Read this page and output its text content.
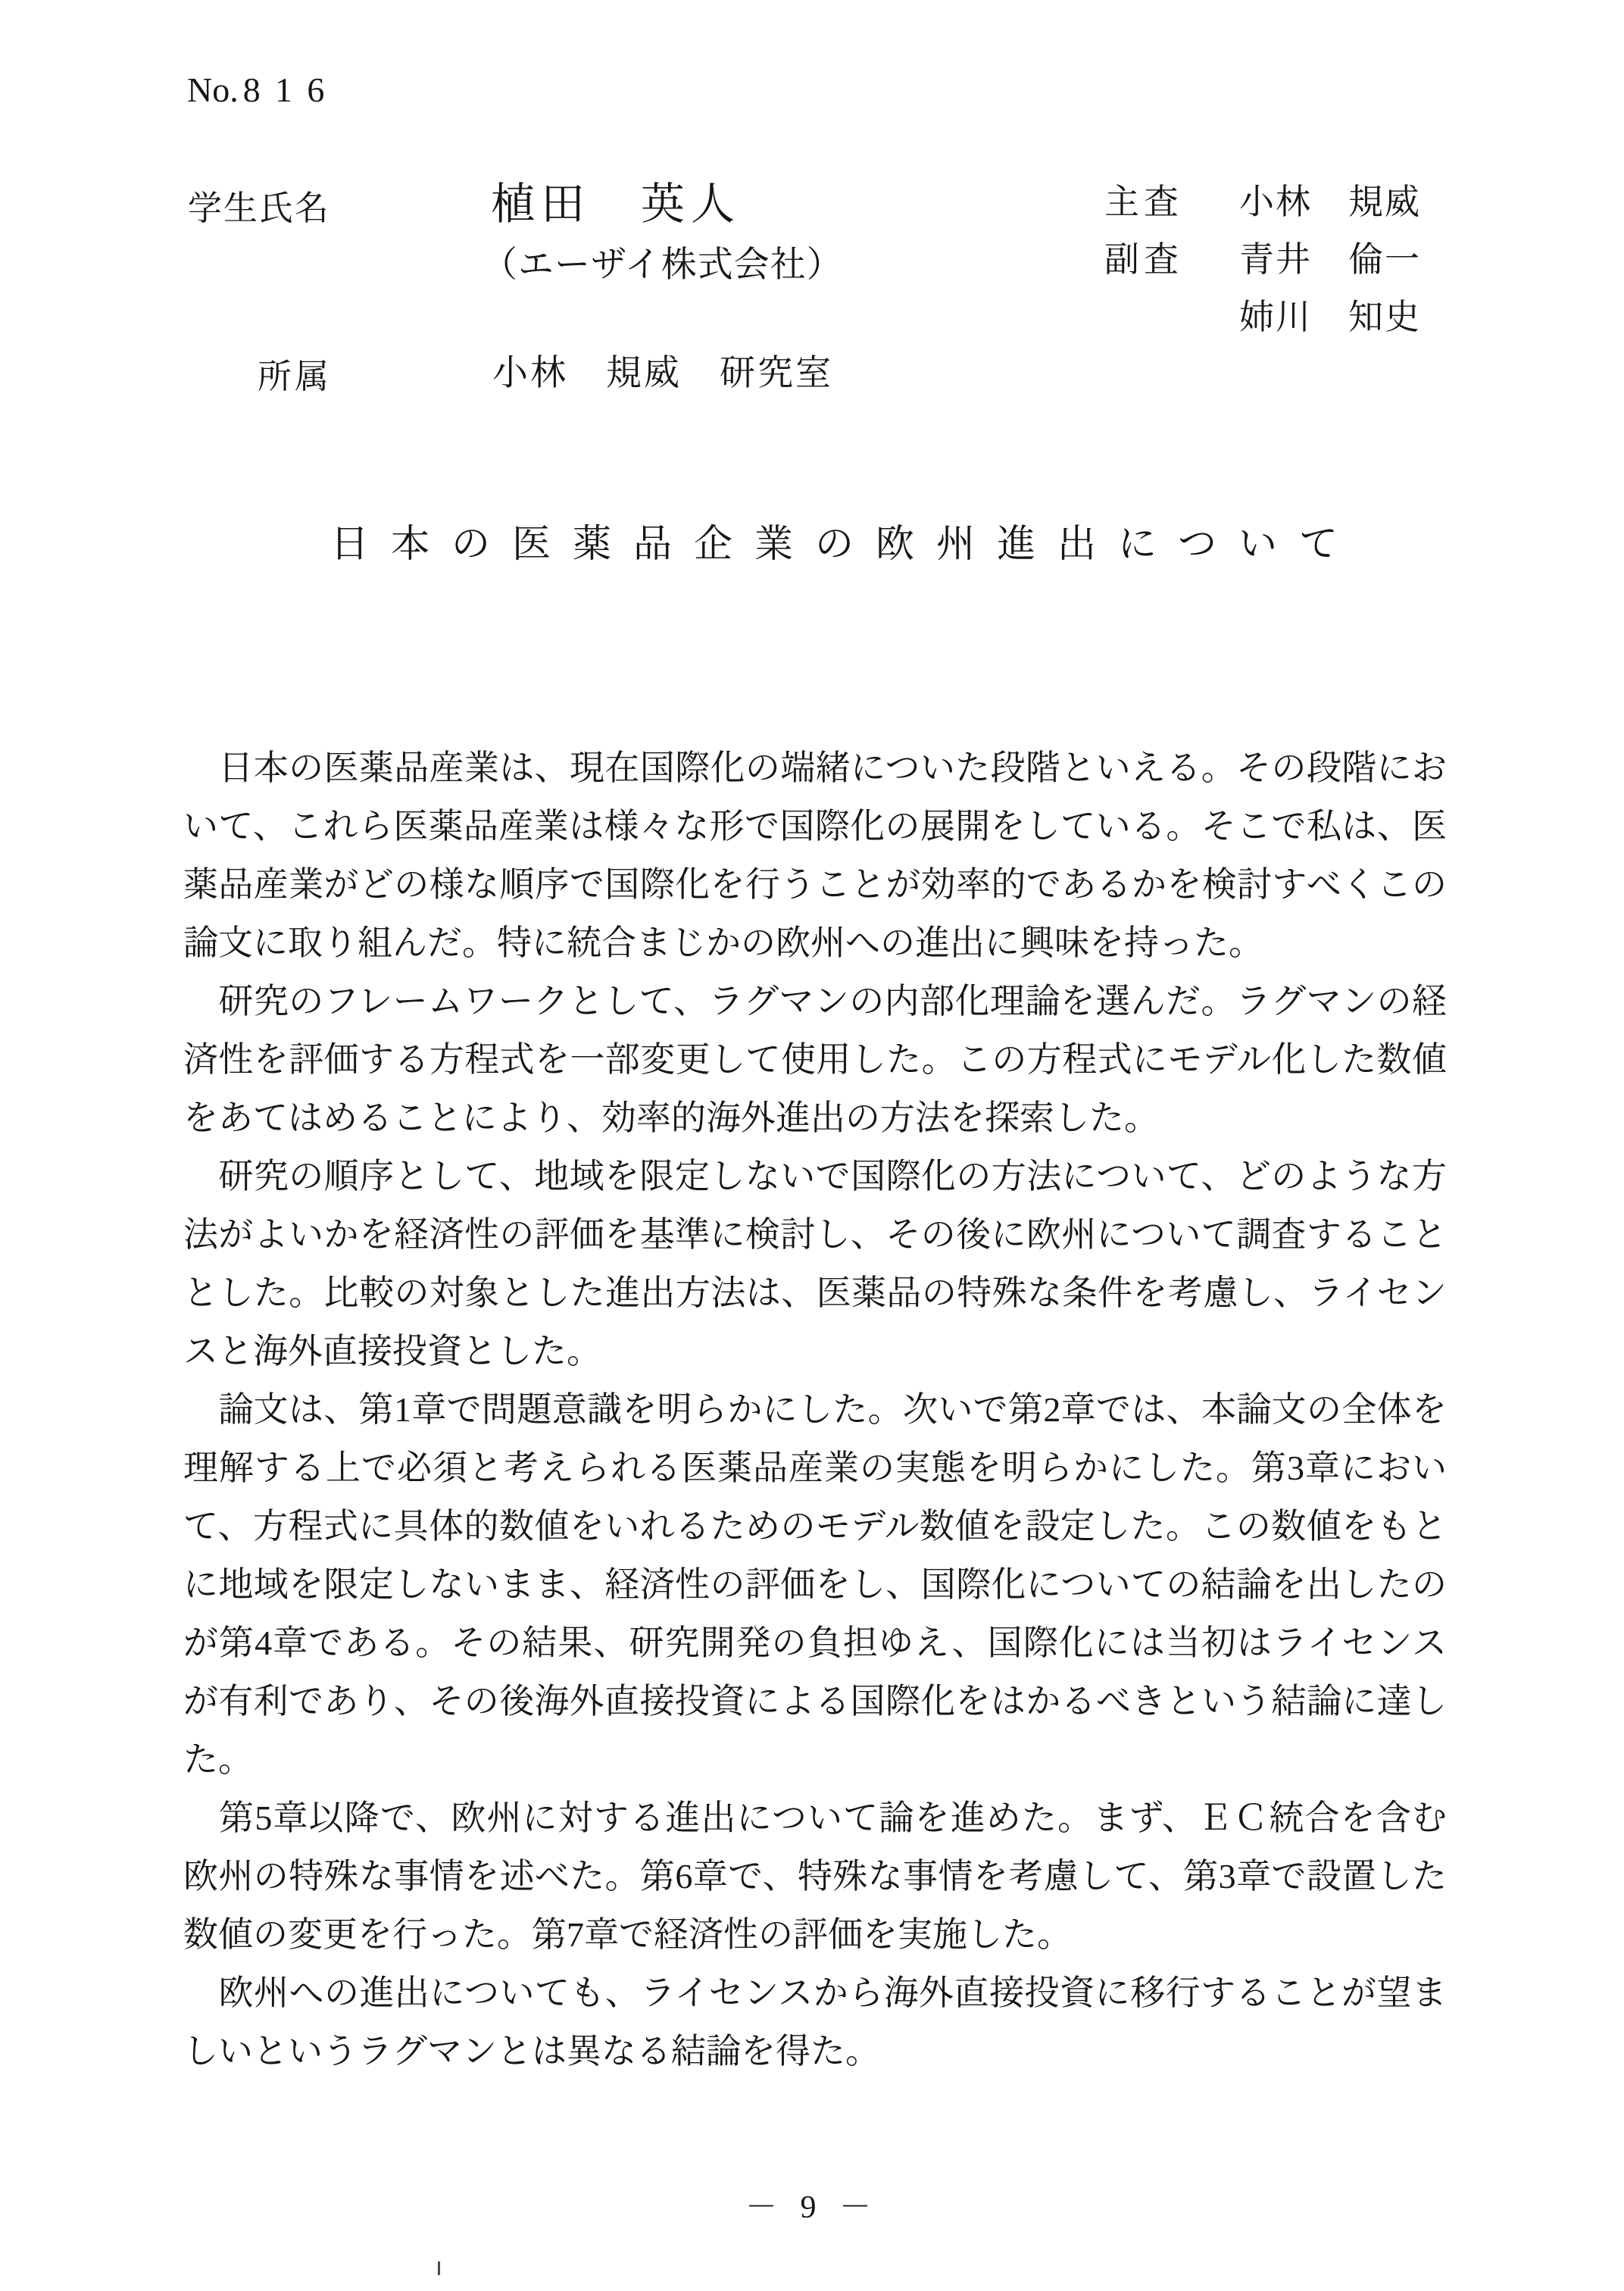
No. 816
学生氏名	植田　英人
（エーザイ株式会社）
主査	小林　規威
副査	青井　倫一
姉川　知史
所属	小林　規威　研究室
日本の医薬品企業の欧州進出について

　日本の医薬品産業は、現在国際化の端緒についた段階といえる。その段階において、これら医薬品産業は様々な形で国際化の展開をしている。そこで私は、医薬品産業がどの様な順序で国際化を行うことが効率的であるかを検討すべくこの論文に取り組んだ。特に統合まじかの欧州への進出に興味を持った。

　研究のフレームワークとして、ラグマンの内部化理論を選んだ。ラグマンの経済性を評価する方程式を一部変更して使用した。この方程式にモデル化した数値をあてはめることにより、効率的海外進出の方法を探索した。

　研究の順序として、地域を限定しないで国際化の方法について、どのような方法がよいかを経済性の評価を基準に検討し、その後に欧州について調査することとした。比較の対象とした進出方法は、医薬品の特殊な条件を考慮し、ライセンスと海外直接投資とした。

　論文は、第1章で問題意識を明らかにした。次いで第2章では、本論文の全体を理解する上で必須と考えられる医薬品産業の実態を明らかにした。第3章において、方程式に具体的数値をいれるためのモデル数値を設定した。この数値をもとに地域を限定しないまま、経済性の評価をし、国際化についての結論を出したのが第4章である。その結果、研究開発の負担ゆえ、国際化には当初はライセンスが有利であり、その後海外直接投資による国際化をはかるべきという結論に達した。

　第5章以降で、欧州に対する進出について論を進めた。まず、ＥＣ統合を含む欧州の特殊な事情を述べた。第6章で、特殊な事情を考慮して、第3章で設置した数値の変更を行った。第7章で経済性の評価を実施した。

　欧州への進出についても、ライセンスから海外直接投資に移行することが望ましいというラグマンとは異なる結論を得た。

－ 9 －
